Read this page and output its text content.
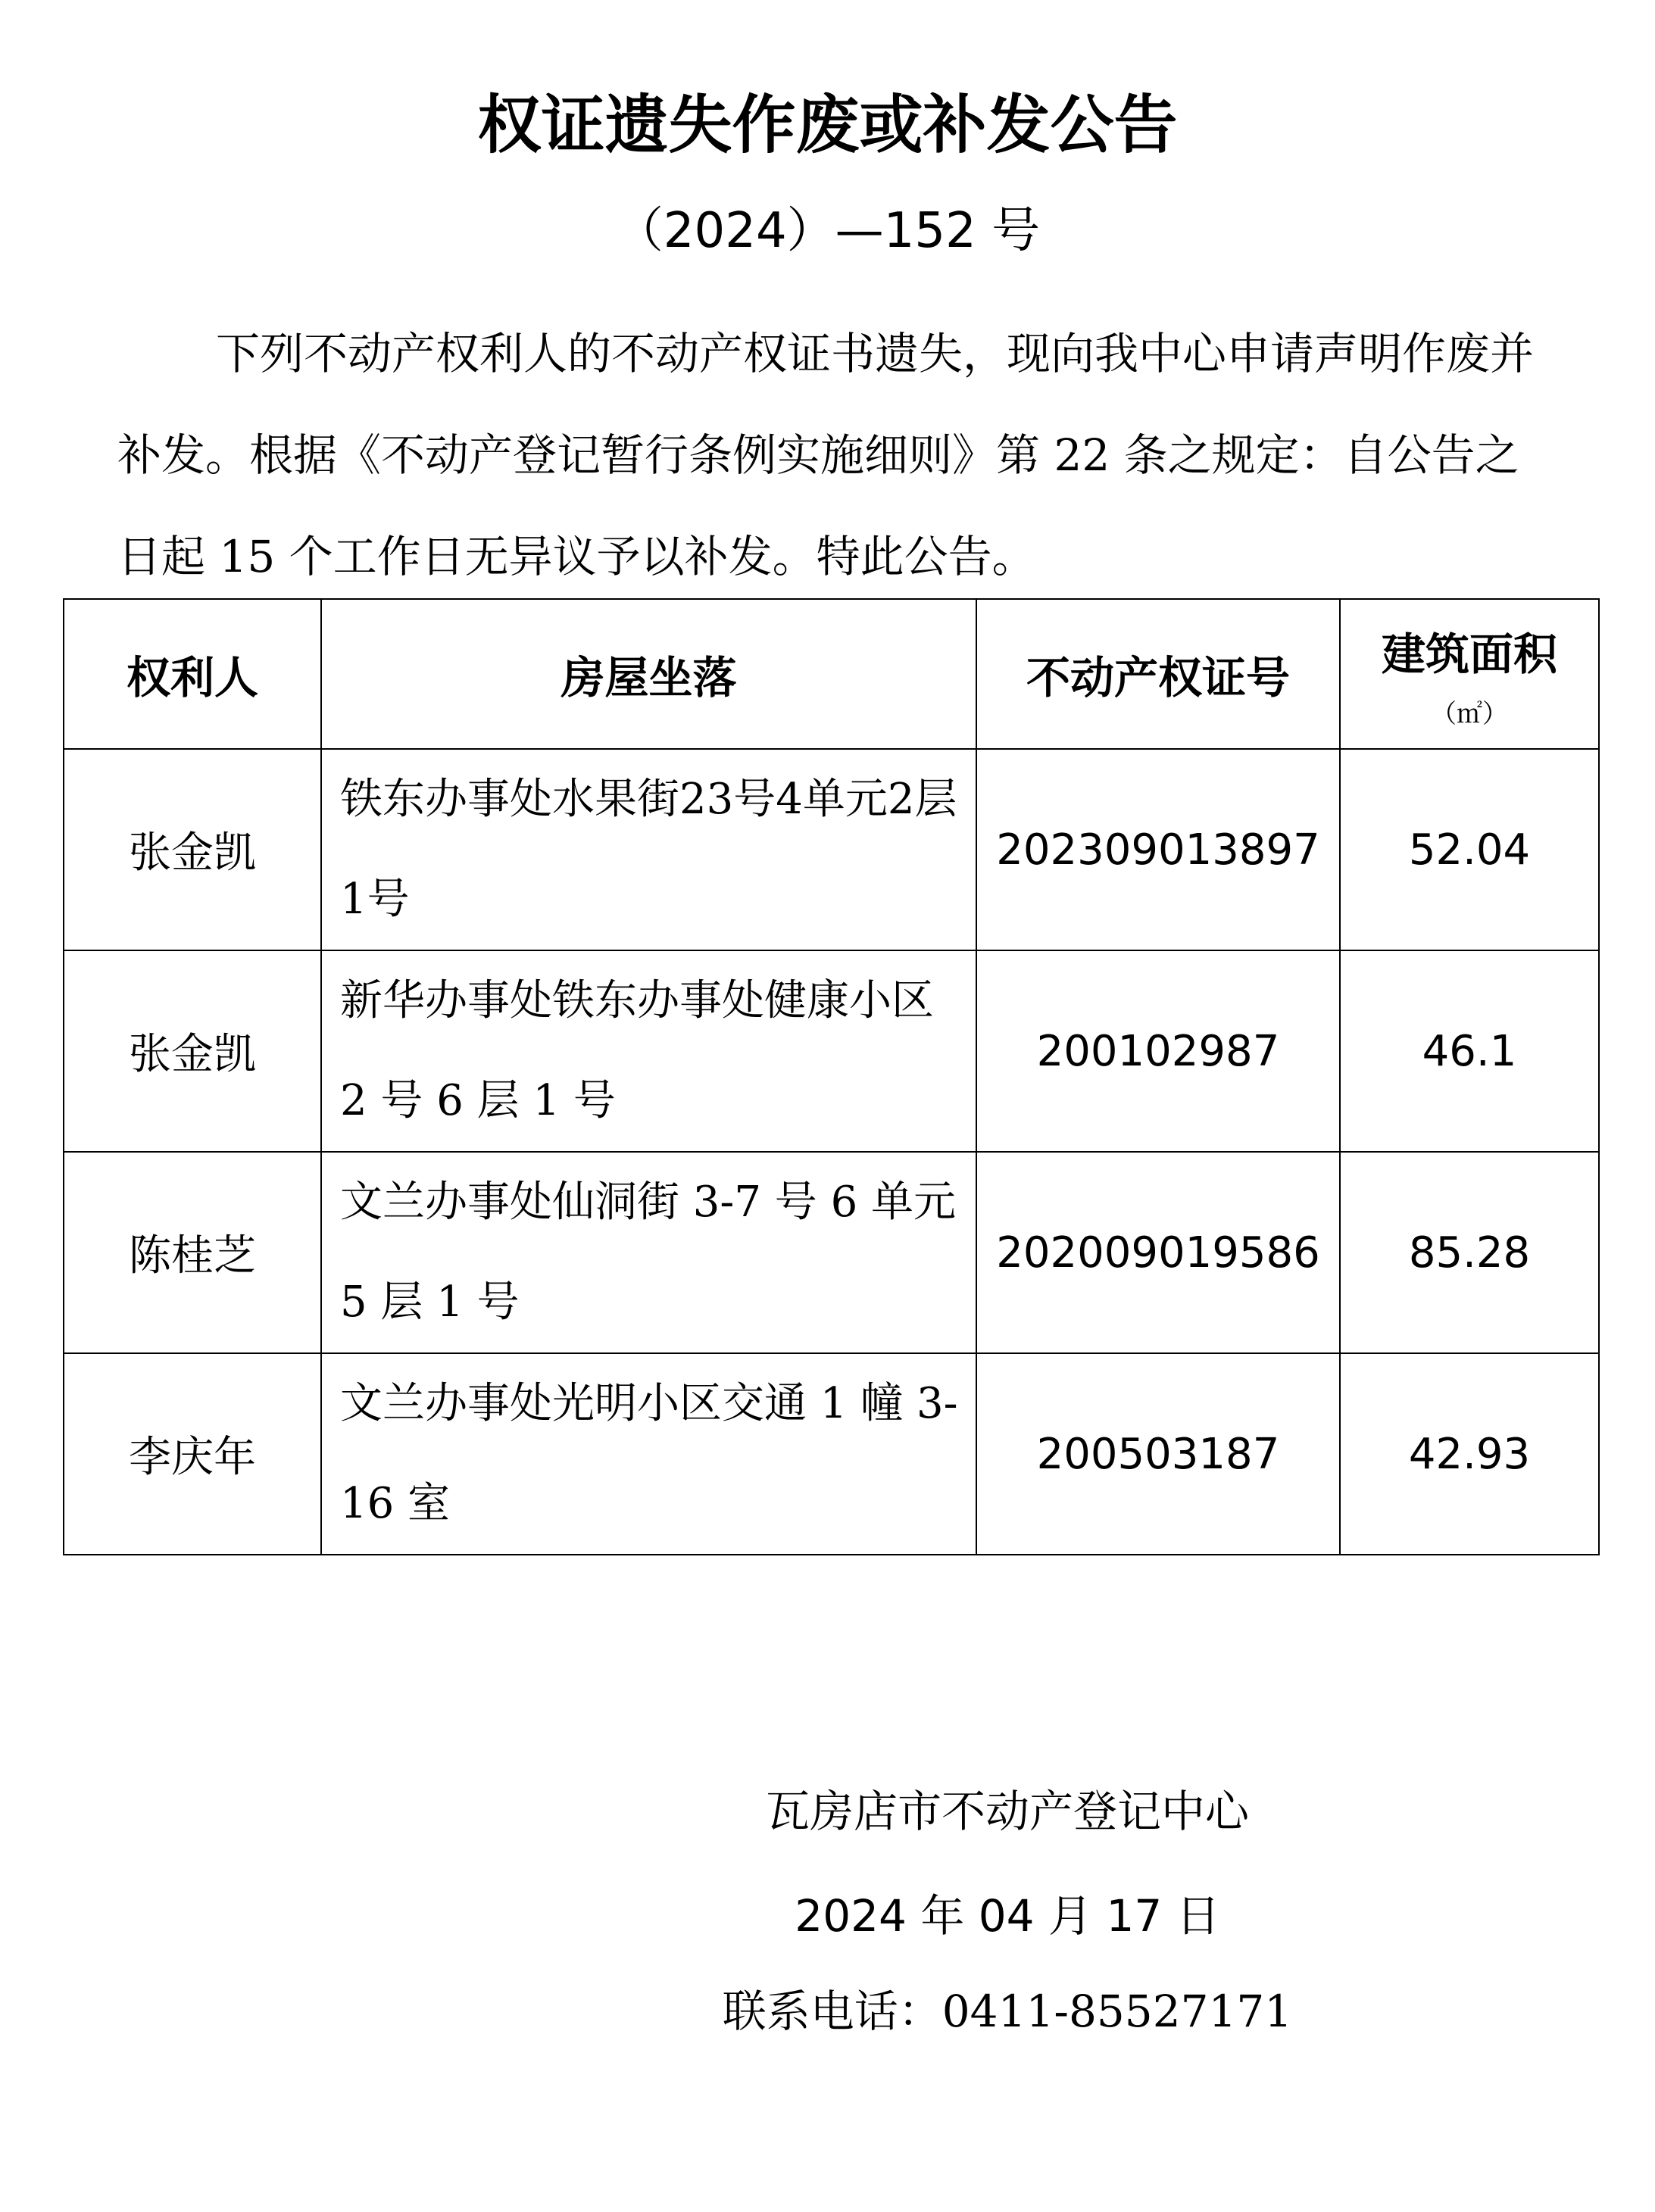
权证遗失作废或补发公告
（2024）—152 号
下列不动产权利人的不动产权证书遗失，现向我中心申请声明作废并补发。根据《不动产登记暂行条例实施细则》第 22 条之规定：自公告之日起 15 个工作日无异议予以补发。特此公告。
权利人	房屋坐落	不动产权证号	建筑面积
（㎡）

张金凯	铁东办事处水果街23号4单元2层1号	202309013897	52.04
张金凯	新华办事处铁东办事处健康小区 2 号 6 层 1 号	200102987	46.1
陈桂芝	文兰办事处仙洞街 3-7 号 6 单元 5 层 1 号	202009019586	85.28
李庆年	文兰办事处光明小区交通 1 幢 3-16 室	200503187	42.93
瓦房店市不动产登记中心
2024 年 04 月 17 日
联系电话：0411-85527171
